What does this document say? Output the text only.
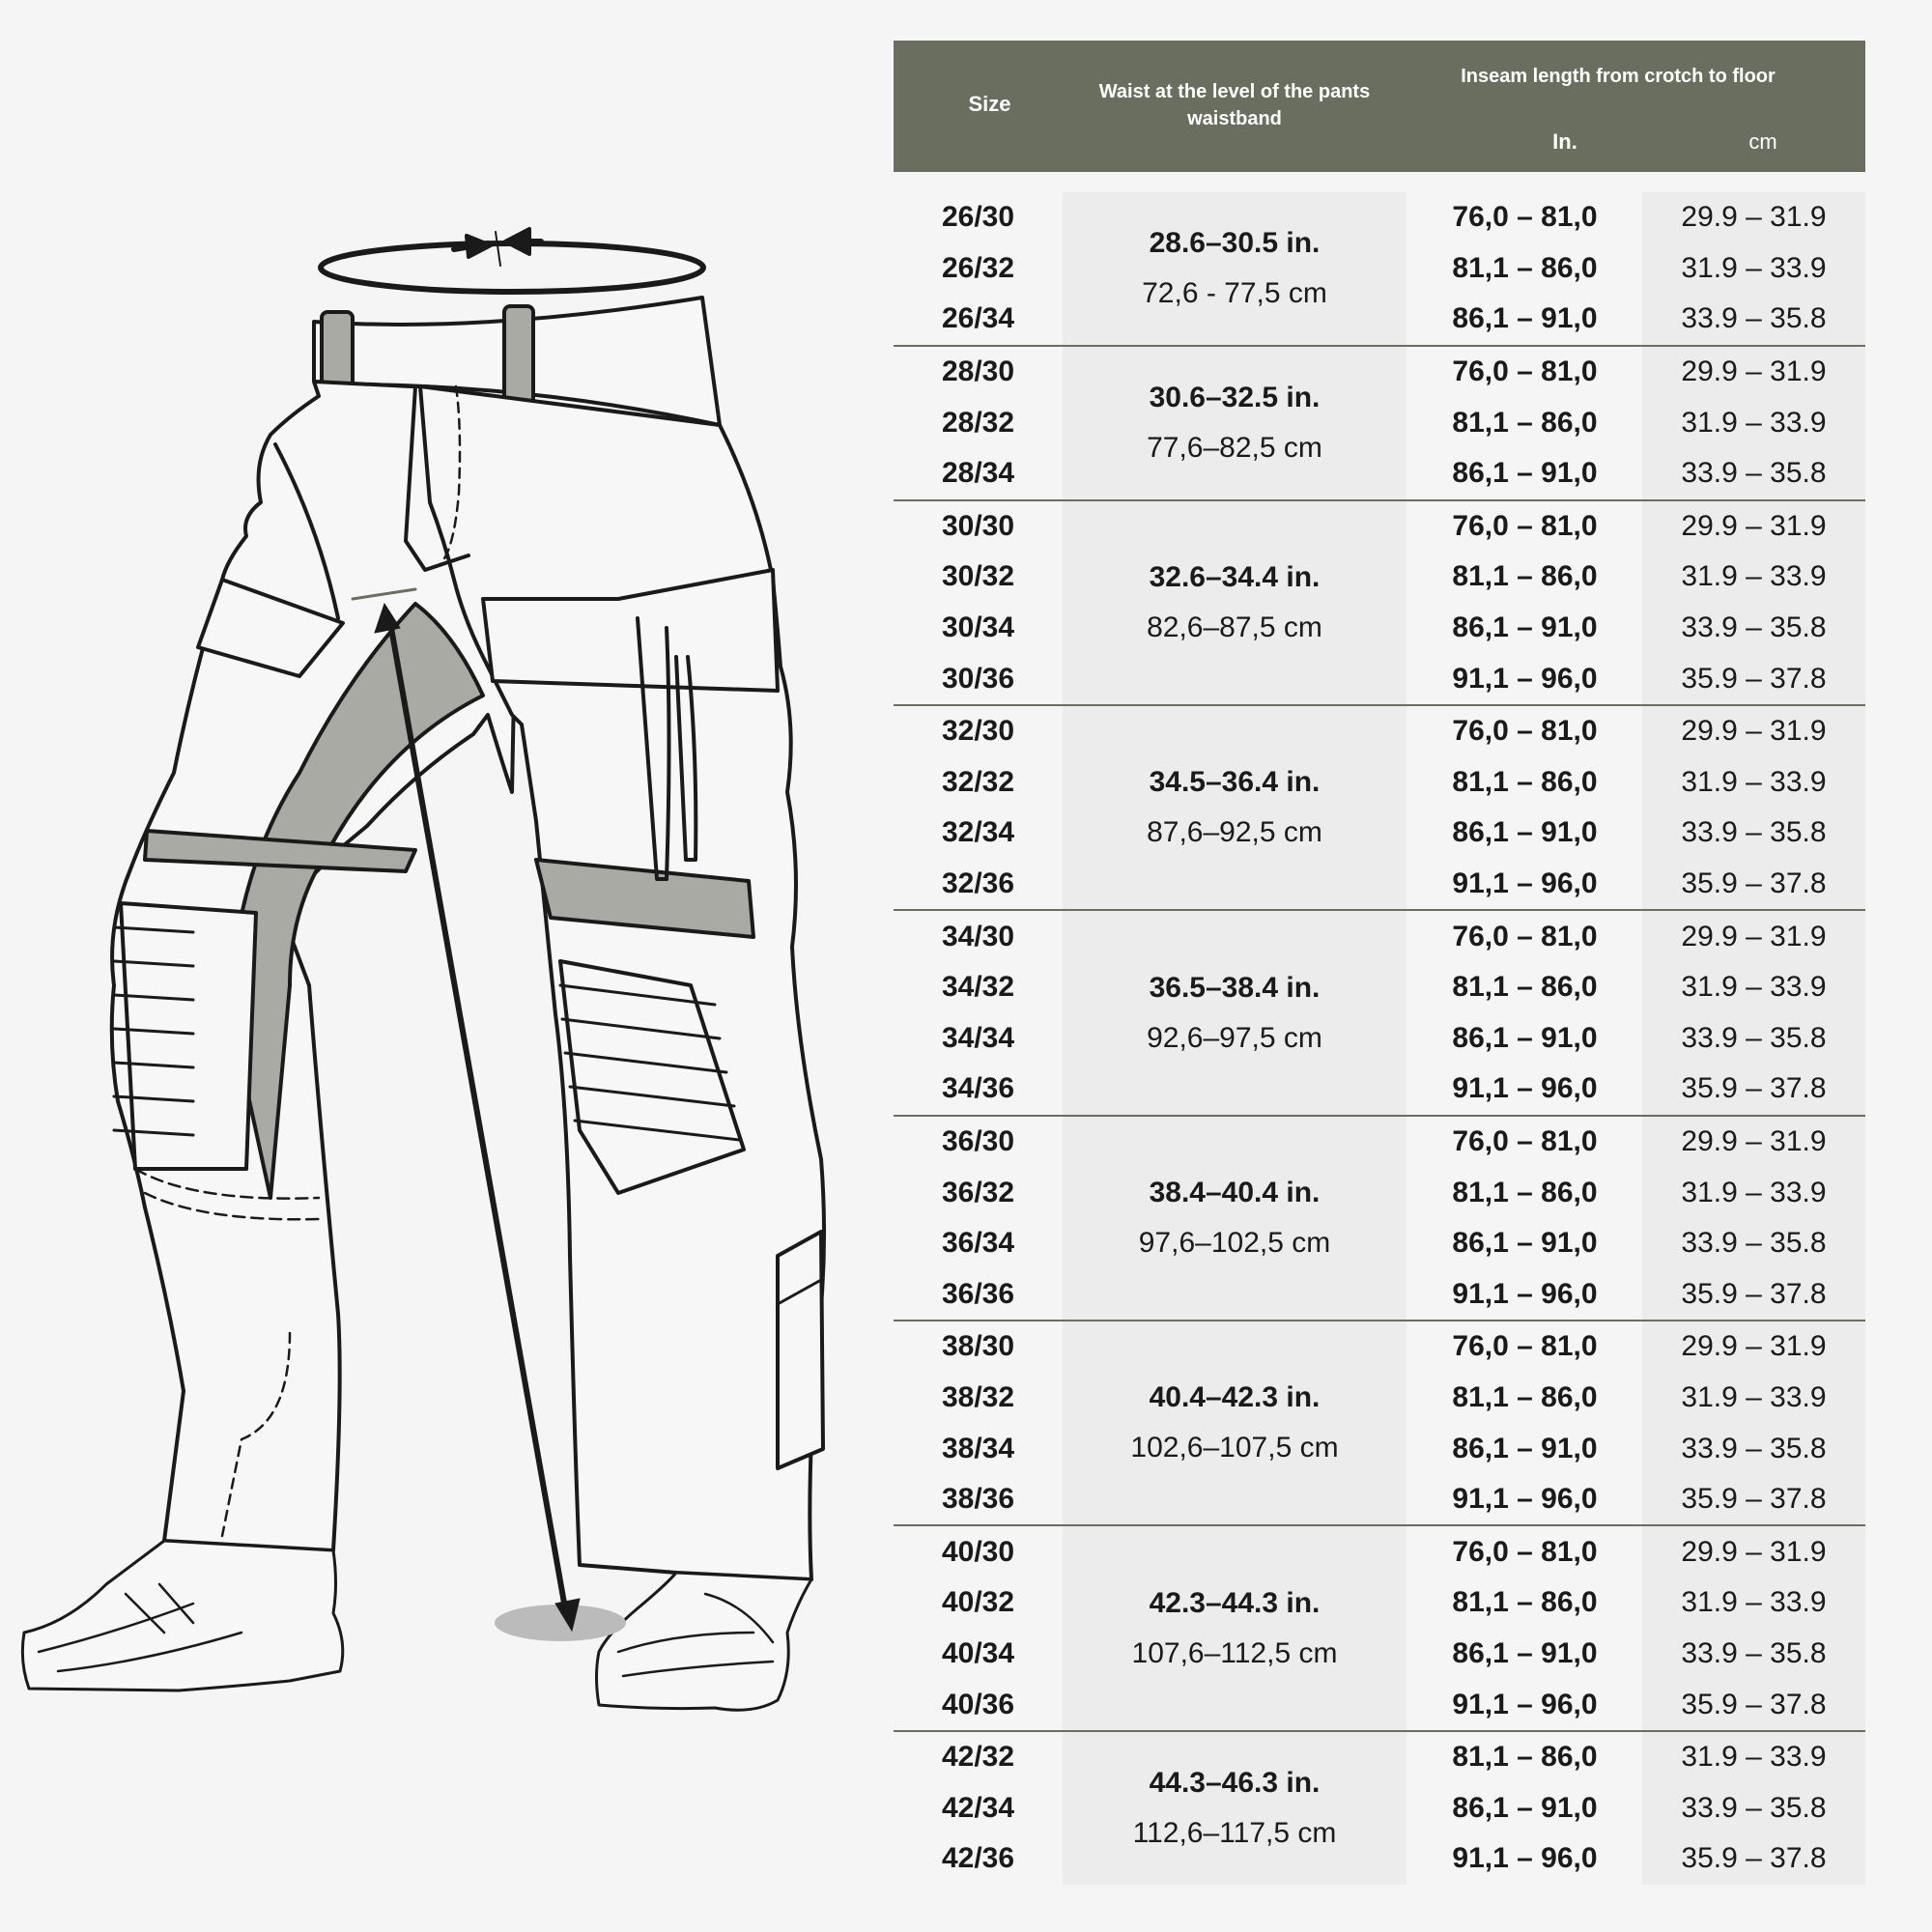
Size	Waist at the level of the pants waistband
Inseam length from crotch to floor
In.	cm
28.6–30.5 in.
72,6 - 77,5 cm
26/30	76,0 – 81,0	29.9 – 31.9
26/32	81,1 – 86,0	31.9 – 33.9
26/34	86,1 – 91,0	33.9 – 35.8
30.6–32.5 in.
77,6–82,5 cm
28/30	76,0 – 81,0	29.9 – 31.9
28/32	81,1 – 86,0	31.9 – 33.9
28/34	86,1 – 91,0	33.9 – 35.8
32.6–34.4 in.
82,6–87,5 cm
30/30	76,0 – 81,0	29.9 – 31.9
30/32	81,1 – 86,0	31.9 – 33.9
30/34	86,1 – 91,0	33.9 – 35.8
30/36	91,1 – 96,0	35.9 – 37.8
34.5–36.4 in.
87,6–92,5 cm
32/30	76,0 – 81,0	29.9 – 31.9
32/32	81,1 – 86,0	31.9 – 33.9
32/34	86,1 – 91,0	33.9 – 35.8
32/36	91,1 – 96,0	35.9 – 37.8
36.5–38.4 in.
92,6–97,5 cm
34/30	76,0 – 81,0	29.9 – 31.9
34/32	81,1 – 86,0	31.9 – 33.9
34/34	86,1 – 91,0	33.9 – 35.8
34/36	91,1 – 96,0	35.9 – 37.8
38.4–40.4 in.
97,6–102,5 cm
36/30	76,0 – 81,0	29.9 – 31.9
36/32	81,1 – 86,0	31.9 – 33.9
36/34	86,1 – 91,0	33.9 – 35.8
36/36	91,1 – 96,0	35.9 – 37.8
40.4–42.3 in.
102,6–107,5 cm
38/30	76,0 – 81,0	29.9 – 31.9
38/32	81,1 – 86,0	31.9 – 33.9
38/34	86,1 – 91,0	33.9 – 35.8
38/36	91,1 – 96,0	35.9 – 37.8
42.3–44.3 in.
107,6–112,5 cm
40/30	76,0 – 81,0	29.9 – 31.9
40/32	81,1 – 86,0	31.9 – 33.9
40/34	86,1 – 91,0	33.9 – 35.8
40/36	91,1 – 96,0	35.9 – 37.8
44.3–46.3 in.
112,6–117,5 cm
42/32	81,1 – 86,0	31.9 – 33.9
42/34	86,1 – 91,0	33.9 – 35.8
42/36	91,1 – 96,0	35.9 – 37.8
